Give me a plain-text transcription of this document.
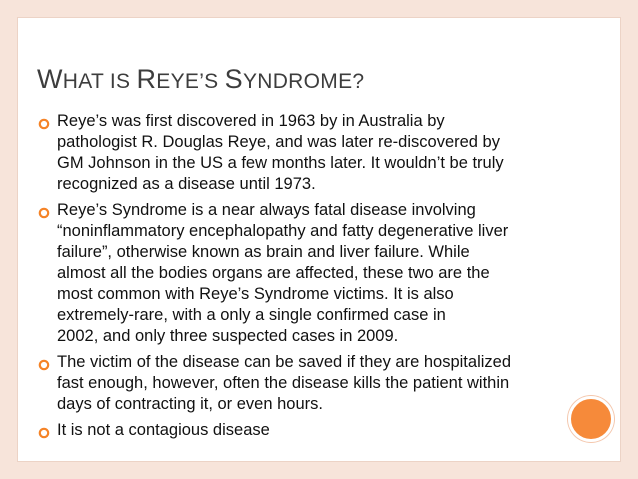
WHAT IS REYE’S SYNDROME?
Reye’s was first discovered in 1963 by in Australia by
pathologist R. Douglas Reye, and was later re-discovered by
GM Johnson in the US a few months later. It wouldn’t be truly
recognized as a disease until 1973.
Reye’s Syndrome is a near always fatal disease involving
“noninflammatory encephalopathy and fatty degenerative liver
failure”, otherwise known as brain and liver failure. While
almost all the bodies organs are affected, these two are the
most common with Reye’s Syndrome victims. It is also
extremely-rare, with a only a single confirmed case in
2002, and only three suspected cases in 2009.
The victim of the disease can be saved if they are hospitalized
fast enough, however, often the disease kills the patient within
days of contracting it, or even hours.
It is not a contagious disease
